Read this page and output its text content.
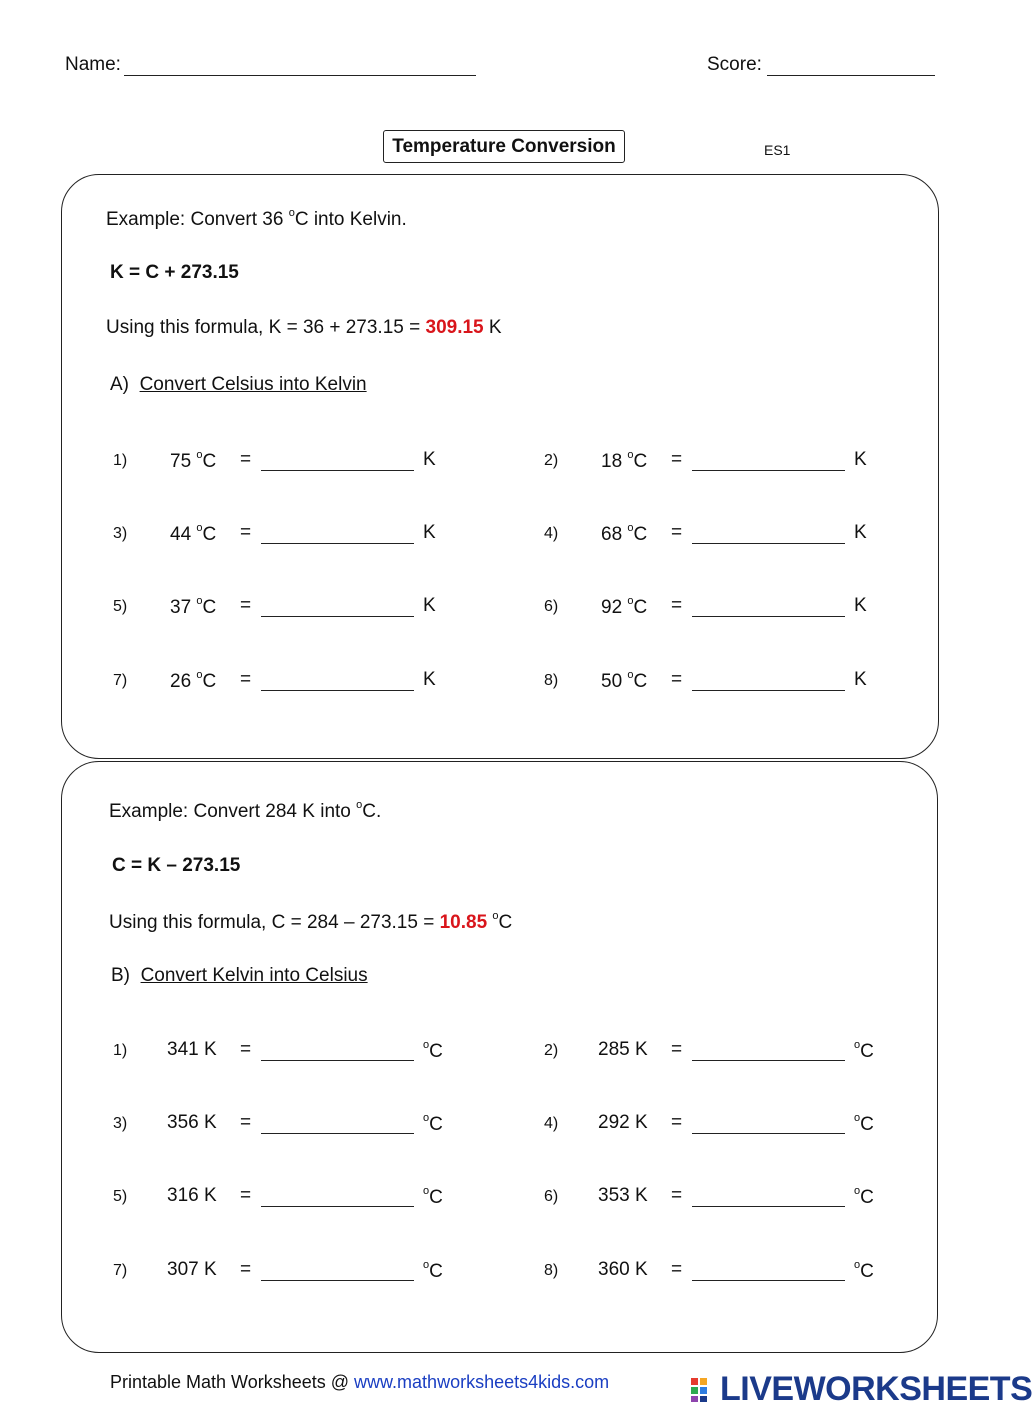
Name:	Score:
Temperature Conversion	ES1
Example: Convert 36 $^o$C into Kelvin.
K = C + 273.15
Using this formula, K = 36 + 273.15 = 309.15 K
A) Convert Celsius into Kelvin
1) 75 $^o$C =	K	2) 18 $^o$C =	K
3) 44 $^o$C =	K	4) 68 $^o$C =	K
5) 37 $^o$C =	K	6) 92 $^o$C =	K
7) 26 $^o$C =	K	8) 50 $^o$C =	K
Example: Convert 284 K into $^o$C.
C = K – 273.15
Using this formula, C = 284 – 273.15 = 10.85 $^o$C
B) Convert Kelvin into Celsius
1) 341 K =	$^o$C	2) 285 K =	$^o$C
3) 356 K =	$^o$C	4) 292 K =	$^o$C
5) 316 K =	$^o$C	6) 353 K =	$^o$C
7) 307 K =	$^o$C	8) 360 K =	$^o$C
Printable Math Worksheets @ www.mathworksheets4kids.com	LIVEWORKSHEETS
